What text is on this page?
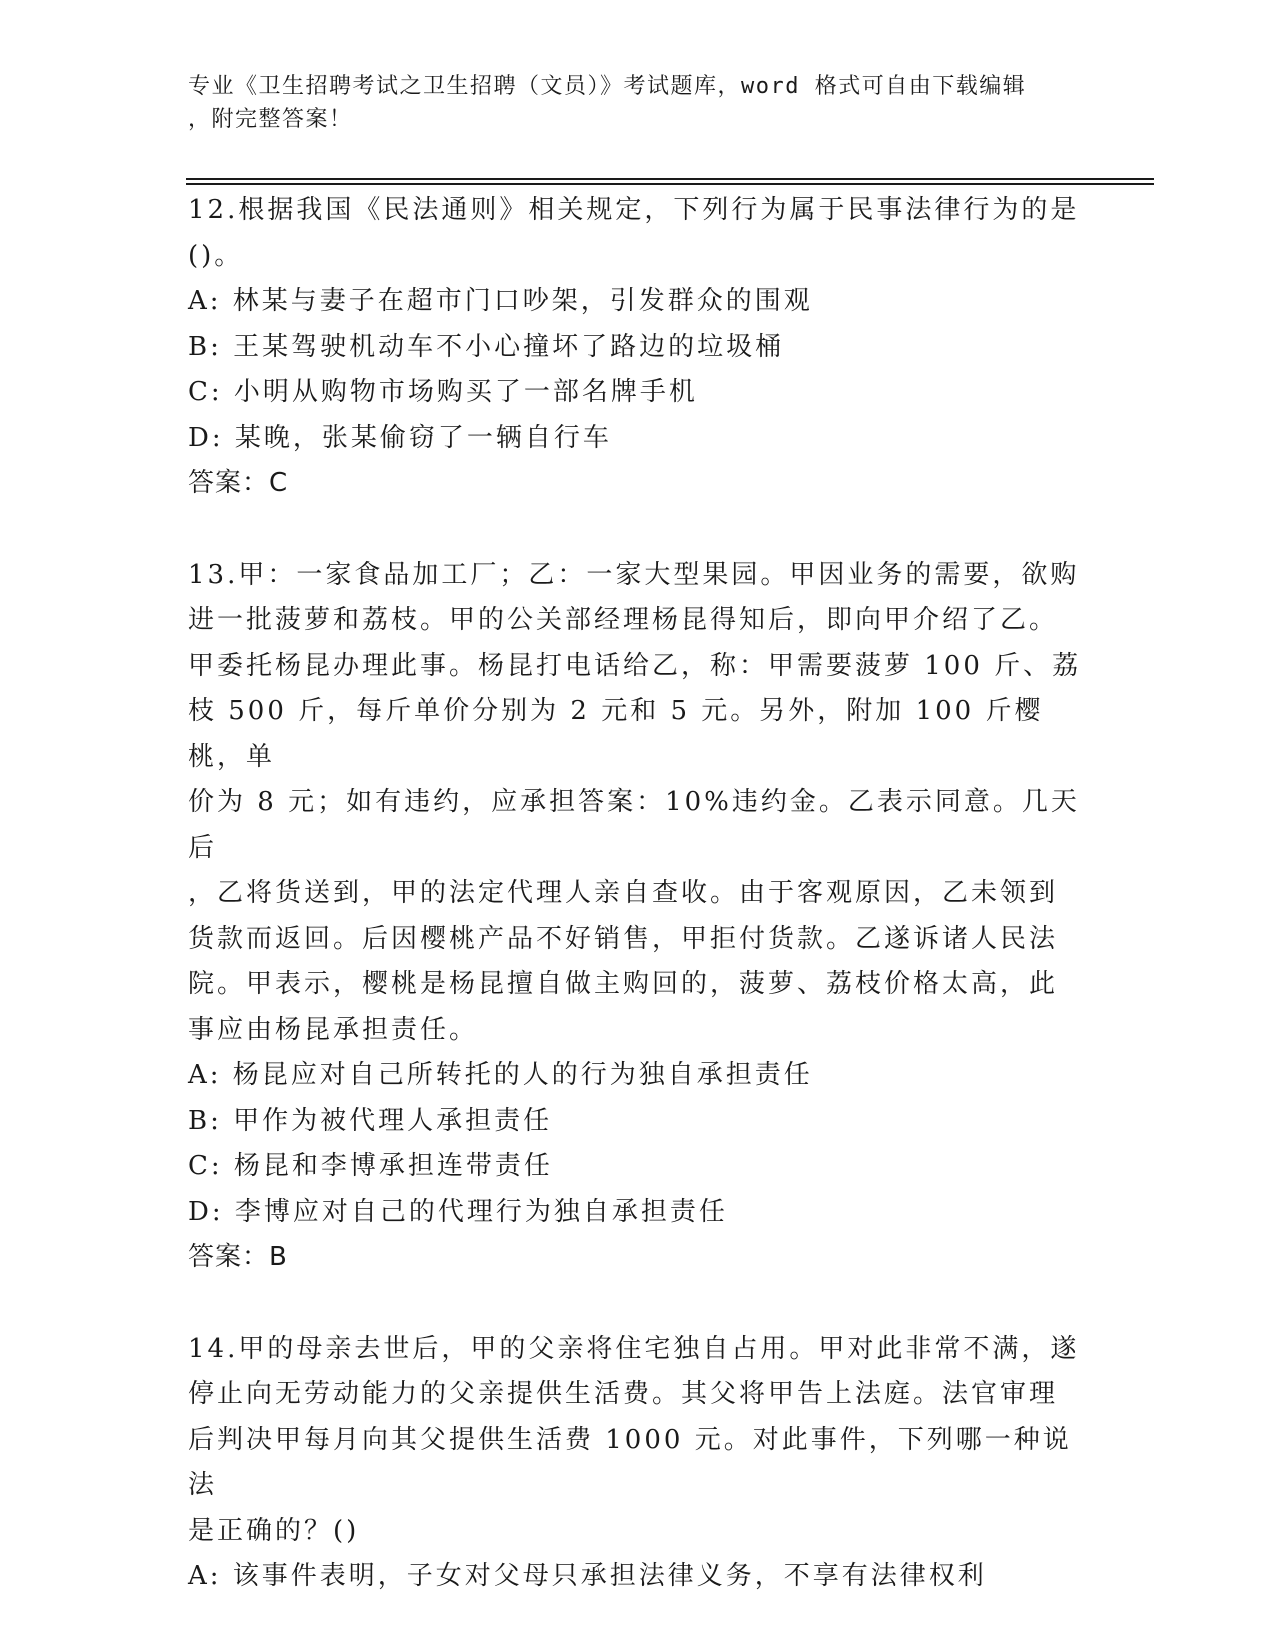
专业《卫生招聘考试之卫生招聘（文员）》考试题库，word 格式可自由下载编辑
，附完整答案！

12.根据我国《民法通则》相关规定，下列行为属于民事法律行为的是

()。

A: 林某与妻子在超市门口吵架，引发群众的围观

B: 王某驾驶机动车不小心撞坏了路边的垃圾桶

C: 小明从购物市场购买了一部名牌手机

D: 某晚，张某偷窃了一辆自行车

答案：C

13.甲：一家食品加工厂；乙：一家大型果园。甲因业务的需要，欲购

进一批菠萝和荔枝。甲的公关部经理杨昆得知后，即向甲介绍了乙。

甲委托杨昆办理此事。杨昆打电话给乙，称：甲需要菠萝 100 斤、荔

枝 500 斤，每斤单价分别为 2 元和 5 元。另外，附加 100 斤樱桃，单

价为 8 元；如有违约，应承担答案：10%违约金。乙表示同意。几天后

，乙将货送到，甲的法定代理人亲自查收。由于客观原因，乙未领到

货款而返回。后因樱桃产品不好销售，甲拒付货款。乙遂诉诸人民法

院。甲表示，樱桃是杨昆擅自做主购回的，菠萝、荔枝价格太高，此

事应由杨昆承担责任。

A: 杨昆应对自己所转托的人的行为独自承担责任

B: 甲作为被代理人承担责任

C: 杨昆和李博承担连带责任

D: 李博应对自己的代理行为独自承担责任

答案：B

14.甲的母亲去世后，甲的父亲将住宅独自占用。甲对此非常不满，遂

停止向无劳动能力的父亲提供生活费。其父将甲告上法庭。法官审理

后判决甲每月向其父提供生活费 1000 元。对此事件，下列哪一种说法

是正确的？()

A: 该事件表明，子女对父母只承担法律义务，不享有法律权利
